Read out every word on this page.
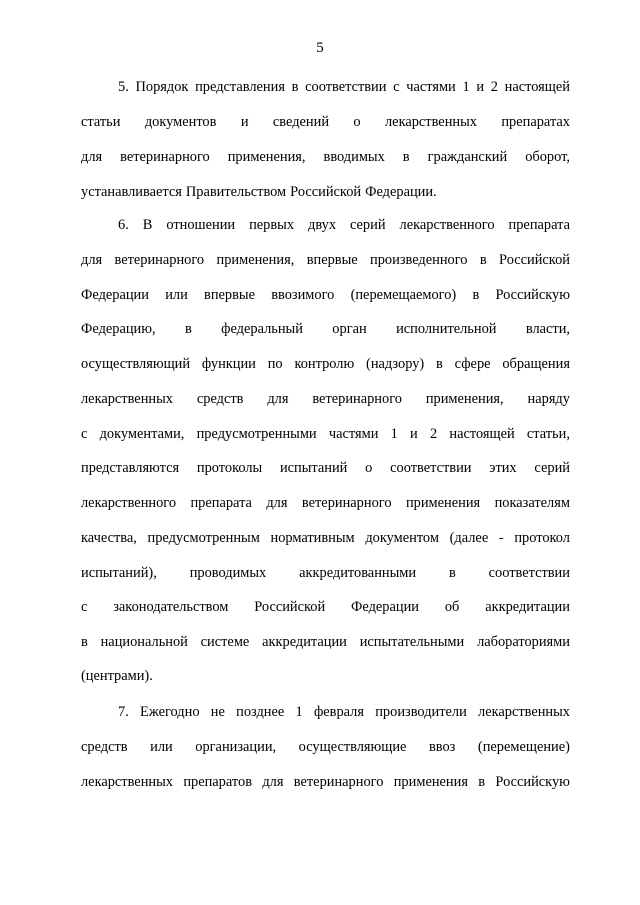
5
5. Порядок представления в соответствии с частями 1 и 2 настоящей
статьи документов и сведений о лекарственных препаратах
для ветеринарного применения, вводимых в гражданский оборот,
устанавливается Правительством Российской Федерации.
6. В отношении первых двух серий лекарственного препарата
для ветеринарного применения, впервые произведенного в Российской
Федерации или впервые ввозимого (перемещаемого) в Российскую
Федерацию, в федеральный орган исполнительной власти,
осуществляющий функции по контролю (надзору) в сфере обращения
лекарственных средств для ветеринарного применения, наряду
с документами, предусмотренными частями 1 и 2 настоящей статьи,
представляются протоколы испытаний о соответствии этих серий
лекарственного препарата для ветеринарного применения показателям
качества, предусмотренным нормативным документом (далее - протокол
испытаний), проводимых аккредитованными в соответствии
с законодательством Российской Федерации об аккредитации
в национальной системе аккредитации испытательными лабораториями
(центрами).
7. Ежегодно не позднее 1 февраля производители лекарственных
средств или организации, осуществляющие ввоз (перемещение)
лекарственных препаратов для ветеринарного применения в Российскую
